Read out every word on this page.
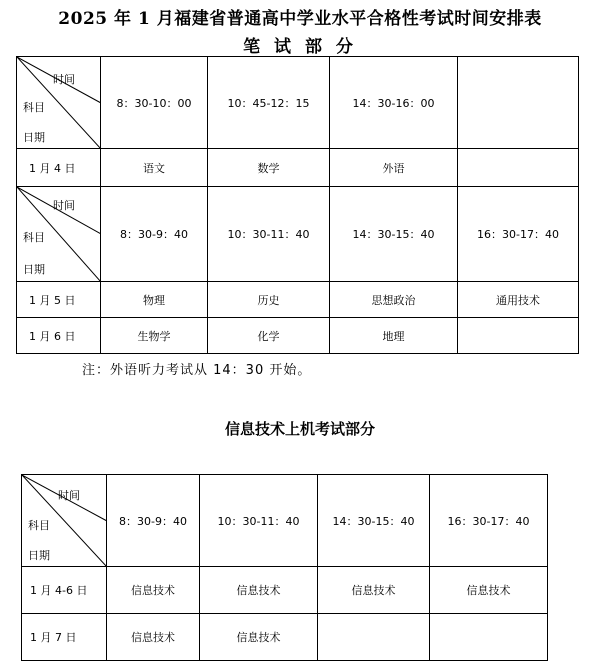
2025 年 1 月福建省普通高中学业水平合格性考试时间安排表
笔 试 部 分
时间
科目
日期	8：30-10：00	10：45-12：15	14：30-16：00	
1 月 4 日	语文	数学	外语	

时间
科目
日期	8：30-9：40	10：30-11：40	14：30-15：40	16：30-17：40
1 月 5 日	物理	历史	思想政治	通用技术
1 月 6 日	生物学	化学	地理	
注：外语听力考试从 14：30 开始。
信息技术上机考试部分
时间
科目
日期	8：30-9：40	10：30-11：40	14：30-15：40	16：30-17：40
1 月 4-6 日	信息技术	信息技术	信息技术	信息技术
1 月 7 日	信息技术	信息技术		
